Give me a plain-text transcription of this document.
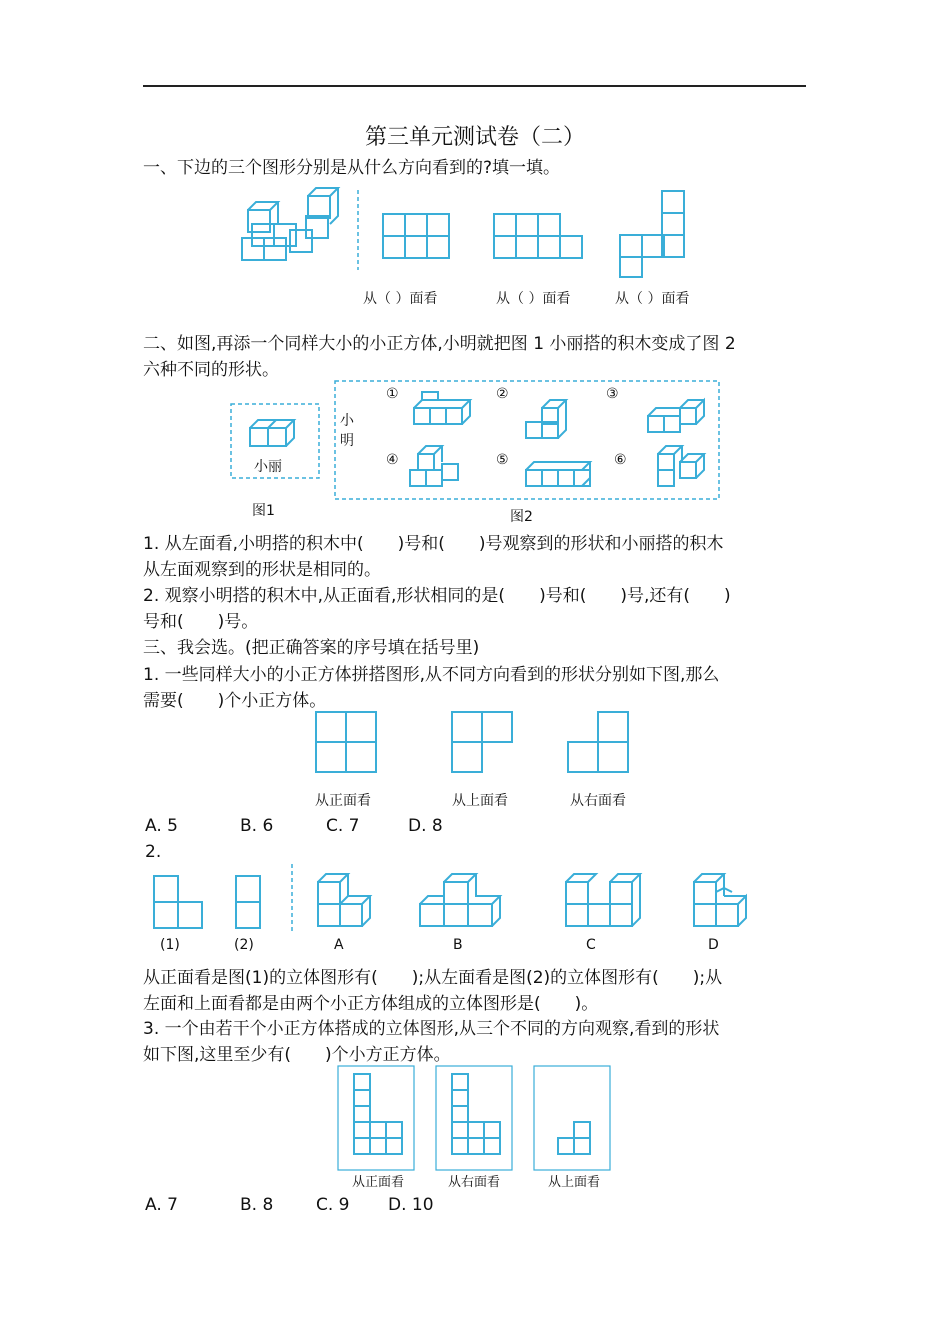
第三单元测试卷（二）
一、下边的三个图形分别是从什么方向看到的?填一填。
从（ ）面看	从（ ）面看	从（ ）面看
二、如图,再添一个同样大小的小正方体,小明就把图 1 小丽搭的积木变成了图 2
六种不同的形状。
小丽
小
明
①	②	③
④	⑤	⑥
图1	图2
1. 从左面看,小明搭的积木中(　　)号和(　　)号观察到的形状和小丽搭的积木
从左面观察到的形状是相同的。
2. 观察小明搭的积木中,从正面看,形状相同的是(　　)号和(　　)号,还有(　　)
号和(　　)号。
三、我会选。(把正确答案的序号填在括号里)
1. 一些同样大小的小正方体拼搭图形,从不同方向看到的形状分别如下图,那么
需要(　　)个小正方体。
从正面看	从上面看	从右面看
A. 5	B. 6	C. 7	D. 8
2.
(1)	(2)	A	B	C	D
从正面看是图(1)的立体图形有(　　);从左面看是图(2)的立体图形有(　　);从
左面和上面看都是由两个小正方体组成的立体图形是(　　)。
3. 一个由若干个小正方体搭成的立体图形,从三个不同的方向观察,看到的形状
如下图,这里至少有(　　)个小方正方体。
从正面看	从右面看	从上面看
A. 7	B. 8	C. 9 D. 10
